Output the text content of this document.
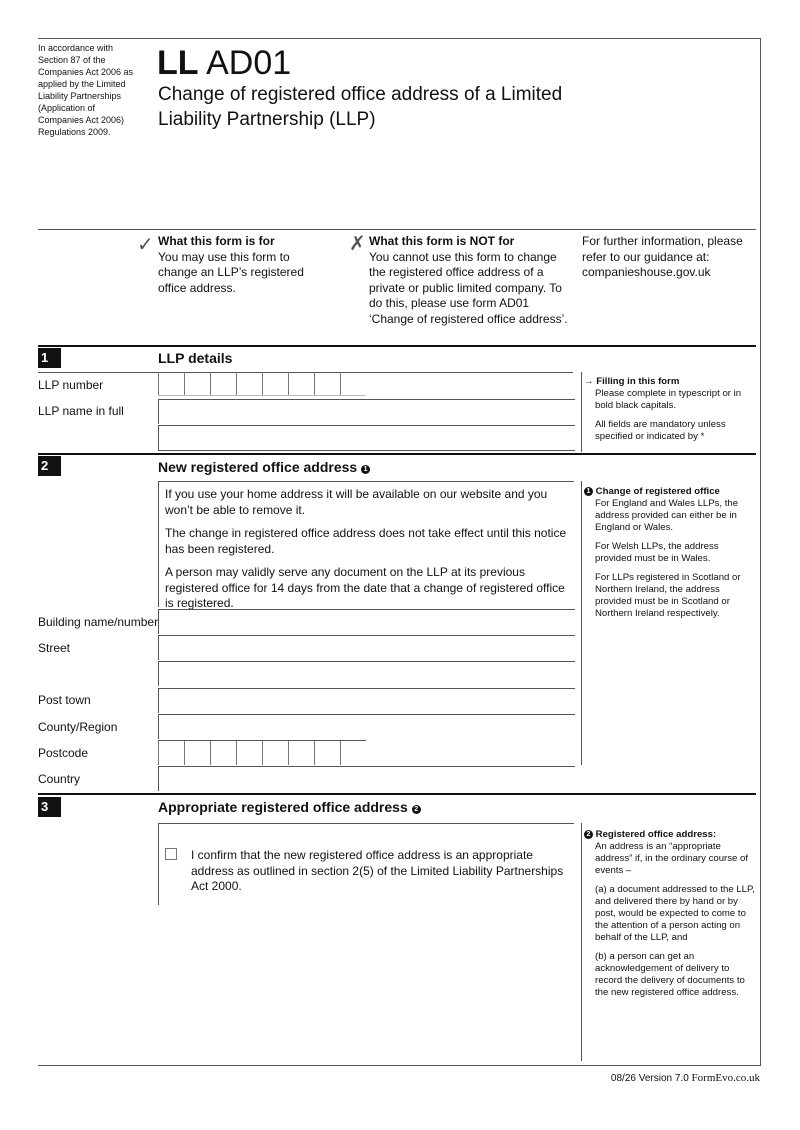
In accordance with Section 87 of the Companies Act 2006 as applied by the Limited Liability Partnerships (Application of Companies Act 2006) Regulations 2009.
LL AD01
Change of registered office address of a Limited
Liability Partnership (LLP)
✓ What this form is for
You may use this form to change an LLP’s registered office address.
✗ What this form is NOT for
You cannot use this form to change the registered office address of a private or public limited company. To do this, please use form AD01 ‘Change of registered office address’.
For further information, please refer to our guidance at: companieshouse.gov.uk
1	LLP details
LLP number
LLP name in full

→ Filling in this form
Please complete in typescript or in bold black capitals.

All fields are mandatory unless specified or indicated by *

2	New registered office address 1

If you use your home address it will be available on our website and you won’t be able to remove it.

The change in registered office address does not take effect until this notice has been registered.

A person may validly serve any document on the LLP at its previous registered office for 14 days from the date that a change of registered office is registered.

Building name/number
Street
Post town
County/Region
Postcode
Country

1 Change of registered office
For England and Wales LLPs, the address provided can either be in England or Wales.

For Welsh LLPs, the address provided must be in Wales.

For LLPs registered in Scotland or Northern Ireland, the address provided must be in Scotland or Northern Ireland respectively.

3	Appropriate registered office address 2
I confirm that the new registered office address is an appropriate address as outlined in section 2(5) of the Limited Liability Partnerships Act 2000.

2 Registered office address:
An address is an “appropriate address” if, in the ordinary course of events –

(a) a document addressed to the LLP, and delivered there by hand or by post, would be expected to come to the attention of a person acting on behalf of the LLP, and

(b) a person can get an acknowledgement of delivery to record the delivery of documents to the new registered office address.

08/26 Version 7.0 FormEvo.co.uk
